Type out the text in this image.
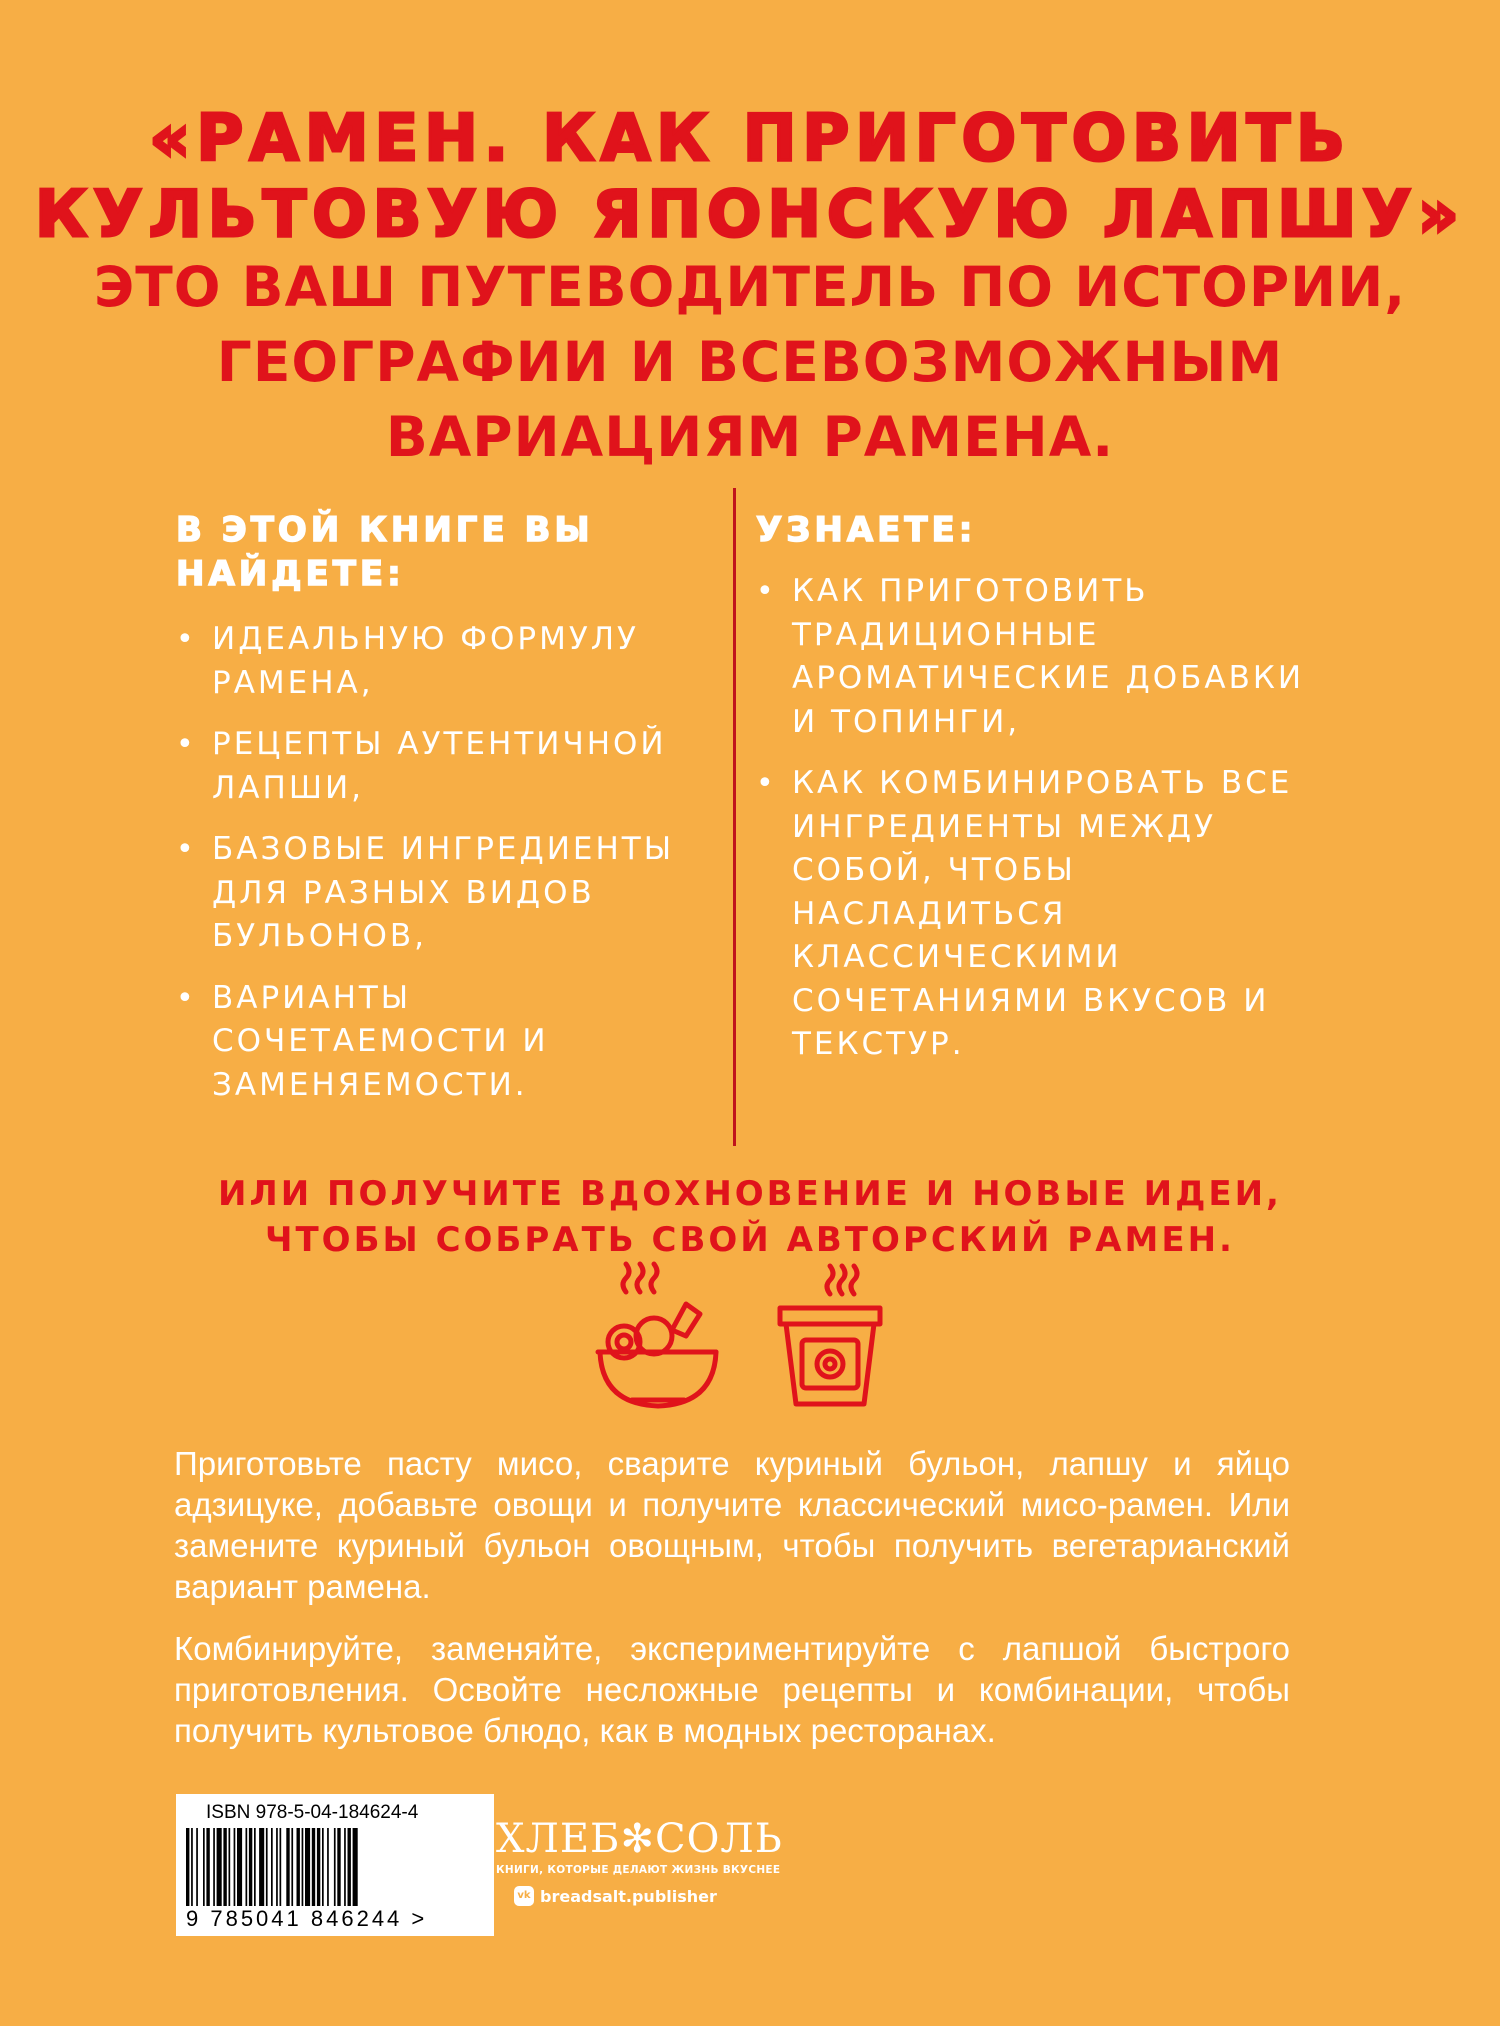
«РАМЕН. КАК ПРИГОТОВИТЬ
КУЛЬТОВУЮ ЯПОНСКУЮ ЛАПШУ»
ЭТО ВАШ ПУТЕВОДИТЕЛЬ ПО ИСТОРИИ,
ГЕОГРАФИИ И ВСЕВОЗМОЖНЫМ
ВАРИАЦИЯМ РАМЕНА.
В ЭТОЙ КНИГЕ ВЫ НАЙДЕТЕ:
• ИДЕАЛЬНУЮ ФОРМУЛУ РАМЕНА,
• РЕЦЕПТЫ АУТЕНТИЧНОЙ ЛАПШИ,
• БАЗОВЫЕ ИНГРЕДИЕНТЫ ДЛЯ РАЗНЫХ ВИДОВ БУЛЬОНОВ,
• ВАРИАНТЫ СОЧЕТАЕМОСТИ И ЗАМЕНЯЕМОСТИ.
УЗНАЕТЕ:
• КАК ПРИГОТОВИТЬ ТРАДИЦИОННЫЕ АРОМАТИЧЕСКИЕ ДОБАВКИ И ТОПИНГИ,
• КАК КОМБИНИРОВАТЬ ВСЕ ИНГРЕДИЕНТЫ МЕЖДУ СОБОЙ, ЧТОБЫ НАСЛАДИТЬСЯ КЛАССИЧЕСКИМИ СОЧЕТАНИЯМИ ВКУСОВ И ТЕКСТУР.

ИЛИ ПОЛУЧИТЕ ВДОХНОВЕНИЕ И НОВЫЕ ИДЕИ,

ЧТОБЫ СОБРАТЬ СВОЙ АВТОРСКИЙ РАМЕН.

Приготовьте пасту мисо, сварите куриный бульон, лапшу и яйцо адзицуке, добавьте овощи и получите классический мисо-рамен. Или замените куриный бульон овощным, чтобы получить вегетарианский вариант рамена.

Комбинируйте, заменяйте, экспериментируйте с лапшой быстрого приготовления. Освойте несложные рецепты и комбинации, чтобы получить культовое блюдо, как в модных ресторанах.

ISBN 978-5-04-184624-4
9 785041 846244 >

ХЛЕБ✻СОЛЬ

КНИГИ, КОТОРЫЕ ДЕЛАЮТ ЖИЗНЬ ВКУСНЕЕ
vk breadsalt.publisher
